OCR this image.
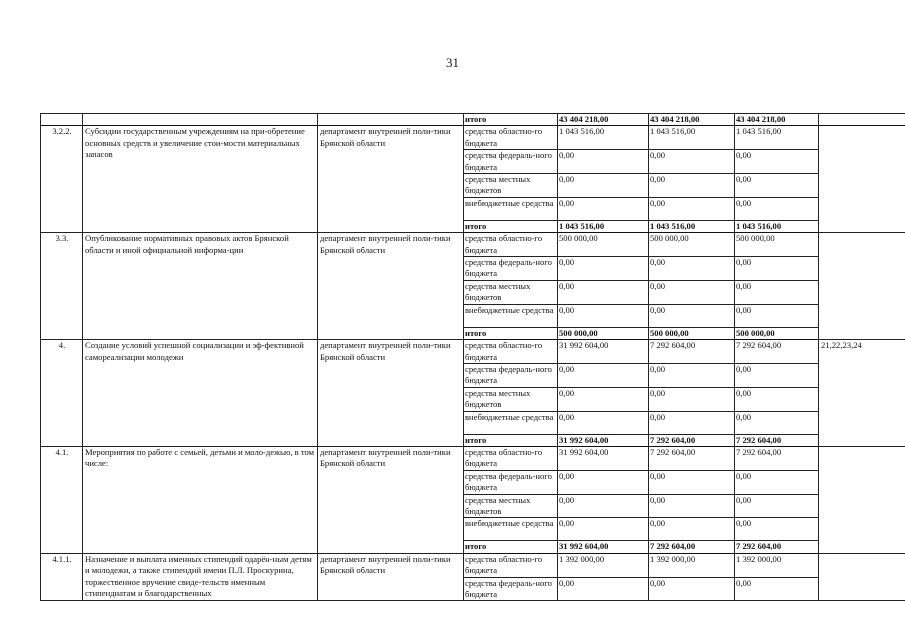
31
			итого	43 404 218,00	43 404 218,00	43 404 218,00	
3.2.2.	Субсидии государственным учреждениям на при-обретение основных средств и увеличение стои-мости материальных запасов	департамент внутренней поли-тики Брянской области	средства областно-го бюджета	1 043 516,00	1 043 516,00	1 043 516,00	
			средства федераль-ного бюджета	0,00	0,00	0,00	
			средства местных бюджетов	0,00	0,00	0,00	
			внебюджетные средства	0,00	0,00	0,00	
			итого	1 043 516,00	1 043 516,00	1 043 516,00	
3.3.	Опубликование нормативных правовых актов Брянской области и иной официальной информа-ции	департамент внутренней поли-тики Брянской области	средства областно-го бюджета	500 000,00	500 000,00	500 000,00	
			средства федераль-ного бюджета	0,00	0,00	0,00	
			средства местных бюджетов	0,00	0,00	0,00	
			внебюджетные средства	0,00	0,00	0,00	
			итого	500 000,00	500 000,00	500 000,00	
4.	Создание условий успешной социализации и эф-фективной самореализации молодежи	департамент внутренней поли-тики Брянской области	средства областно-го бюджета	31 992 604,00	7 292 604,00	7 292 604,00	21,22,23,24
			средства федераль-ного бюджета	0,00	0,00	0,00	
			средства местных бюджетов	0,00	0,00	0,00	
			внебюджетные средства	0,00	0,00	0,00	
			итого	31 992 604,00	7 292 604,00	7 292 604,00	
4.1.	Мероприятия по работе с семьей, детьми и моло-дежью, в том числе:	департамент внутренней поли-тики Брянской области	средства областно-го бюджета	31 992 604,00	7 292 604,00	7 292 604,00	
			средства федераль-ного бюджета	0,00	0,00	0,00	
			средства местных бюджетов	0,00	0,00	0,00	
			внебюджетные средства	0,00	0,00	0,00	
			итого	31 992 604,00	7 292 604,00	7 292 604,00	
4.1.1.	Назначение и выплата именных стипендий одарён-ным детям и молодежи, а также стипендий имени П.Л. Проскурина, торжественное вручение свиде-тельств именным стипендиатам и благодарственных	департамент внутренней поли-тики Брянской области	средства областно-го бюджета	1 392 000,00	1 392 000,00	1 392 000,00	
			средства федераль-ного бюджета	0,00	0,00	0,00	
